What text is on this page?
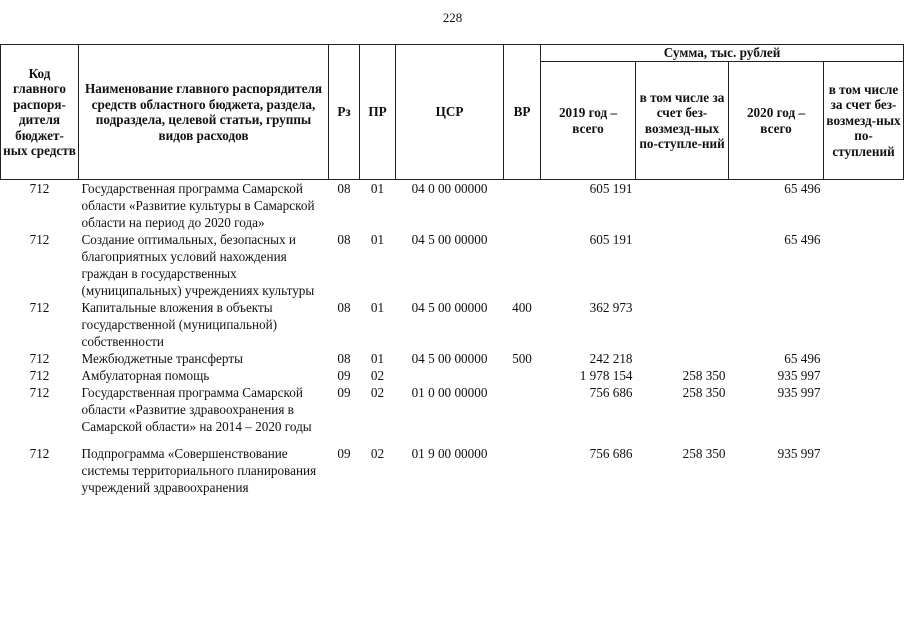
228
Код главного распоря-дителя бюджет-ных средств	Наименование главного распорядителя средств областного бюджета, раздела, подраздела, целевой статьи, группы видов расходов	Рз	ПР	ЦСР	ВР	Сумма, тыс. рублей			
						2019 год – всего	в том числе за счет без-возмезд-ных по-ступле-ний	2020 год – всего	в том числе за счет без-возмезд-ных по-ступлений
712	Государственная программа Самарской области «Развитие культуры в Самарской области на период до 2020 года»	08	01	04 0 00 00000		605 191		65 496	
712	Создание оптимальных, безопасных и благоприятных условий нахождения граждан в государственных (муниципальных) учреждениях культуры	08	01	04 5 00 00000		605 191		65 496	
712	Капитальные вложения в объекты государственной (муниципальной) собственности	08	01	04 5 00 00000	400	362 973			
712	Межбюджетные трансферты	08	01	04 5 00 00000	500	242 218		65 496	
712	Амбулаторная помощь	09	02			1 978 154	258 350	935 997	
712	Государственная программа Самарской области «Развитие здравоохранения в Самарской области» на 2014 – 2020 годы	09	02	01 0 00 00000		756 686	258 350	935 997	

712	Подпрограмма «Совершенствование системы территориального планирования учреждений здравоохранения	09	02	01 9 00 00000		756 686	258 350	935 997	
